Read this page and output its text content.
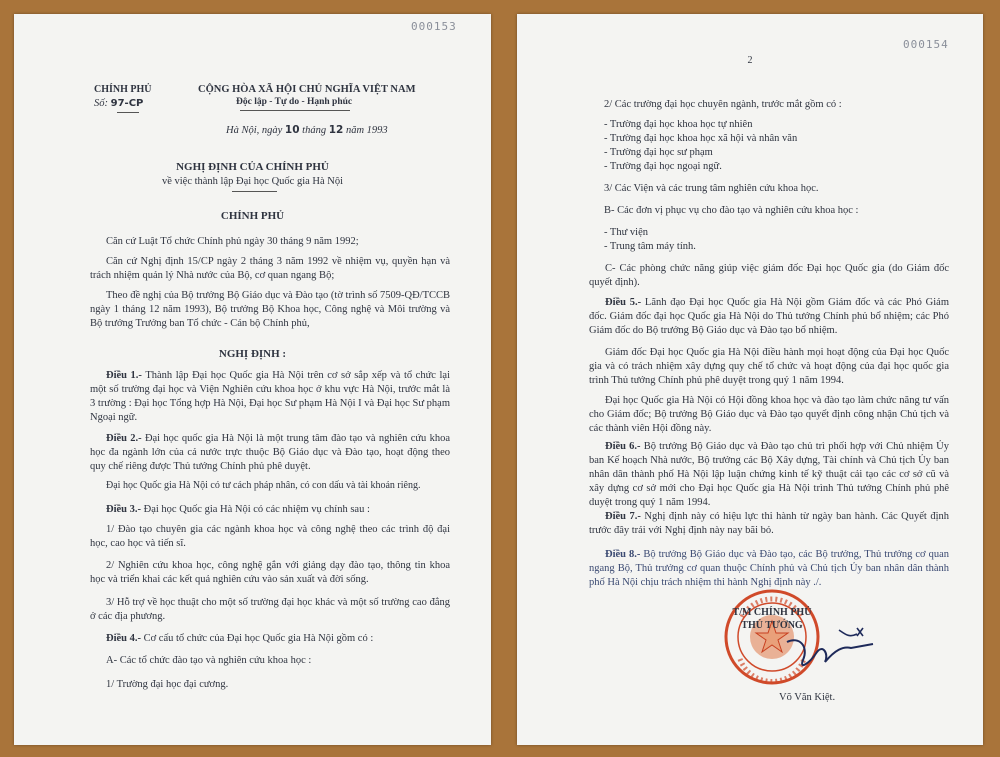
000153
CHÍNH PHỦ
Số: 97-CP
CỘNG HÒA XÃ HỘI CHỦ NGHĨA VIỆT NAM
Độc lập - Tự do - Hạnh phúc
Hà Nội, ngày 10 tháng 12 năm 1993
NGHỊ ĐỊNH CỦA CHÍNH PHỦ
về việc thành lập Đại học Quốc gia Hà Nội
CHÍNH PHỦ

Căn cứ Luật Tổ chức Chính phủ ngày 30 tháng 9 năm 1992;

Căn cứ Nghị định 15/CP ngày 2 tháng 3 năm 1992 về nhiệm vụ, quyền hạn và trách nhiệm quản lý Nhà nước của Bộ, cơ quan ngang Bộ;

Theo đề nghị của Bộ trưởng Bộ Giáo dục và Đào tạo (tờ trình số 7509-QĐ/TCCB ngày 1 tháng 12 năm 1993), Bộ trưởng Bộ Khoa học, Công nghệ và Môi trường và Bộ trưởng Trưởng ban Tổ chức - Cán bộ Chính phủ,

NGHỊ ĐỊNH :

Điều 1.- Thành lập Đại học Quốc gia Hà Nội trên cơ sở sắp xếp và tổ chức lại một số trường đại học và Viện Nghiên cứu khoa học ở khu vực Hà Nội, trước mắt là 3 trường : Đại học Tổng hợp Hà Nội, Đại học Sư phạm Hà Nội I và Đại học Sư phạm Ngoại ngữ.

Điều 2.- Đại học quốc gia Hà Nội là một trung tâm đào tạo và nghiên cứu khoa học đa ngành lớn của cả nước trực thuộc Bộ Giáo dục và Đào tạo, hoạt động theo quy chế riêng được Thủ tướng Chính phủ phê duyệt.

Đại học Quốc gia Hà Nội có tư cách pháp nhân, có con dấu và tài khoản riêng.

Điều 3.- Đại học Quốc gia Hà Nội có các nhiệm vụ chính sau :

1/ Đào tạo chuyên gia các ngành khoa học và công nghệ theo các trình độ đại học, cao học và tiến sĩ.

2/ Nghiên cứu khoa học, công nghệ gắn với giảng dạy đào tạo, thông tin khoa học và triển khai các kết quả nghiên cứu vào sản xuất và đời sống.

3/ Hỗ trợ về học thuật cho một số trường đại học khác và một số trường cao đẳng ở các địa phương.

Điều 4.- Cơ cấu tổ chức của Đại học Quốc gia Hà Nội gồm có :

A- Các tổ chức đào tạo và nghiên cứu khoa học :

1/ Trường đại học đại cương.

000154
2

2/ Các trường đại học chuyên ngành, trước mắt gồm có :

- Trường đại học khoa học tự nhiên

- Trường đại học khoa học xã hội và nhân văn

- Trường đại học sư phạm

- Trường đại học ngoại ngữ.

3/ Các Viện và các trung tâm nghiên cứu khoa học.

B- Các đơn vị phục vụ cho đào tạo và nghiên cứu khoa học :

- Thư viện

- Trung tâm máy tính.

C- Các phòng chức năng giúp việc giám đốc Đại học Quốc gia (do Giám đốc quyết định).

Điều 5.- Lãnh đạo Đại học Quốc gia Hà Nội gồm Giám đốc và các Phó Giám đốc. Giám đốc đại học Quốc gia Hà Nội do Thủ tướng Chính phủ bổ nhiệm; các Phó Giám đốc do Bộ trưởng Bộ Giáo dục và Đào tạo bổ nhiệm.

Giám đốc Đại học Quốc gia Hà Nội điều hành mọi hoạt động của Đại học Quốc gia và có trách nhiệm xây dựng quy chế tổ chức và hoạt động của đại học quốc gia trình Thủ tướng Chính phủ phê duyệt trong quý 1 năm 1994.

Đại học Quốc gia Hà Nội có Hội đồng khoa học và đào tạo làm chức năng tư vấn cho Giám đốc; Bộ trưởng Bộ Giáo dục và Đào tạo quyết định công nhận Chủ tịch và các thành viên Hội đồng này.

Điều 6.- Bộ trưởng Bộ Giáo dục và Đào tạo chủ trì phối hợp với Chủ nhiệm Ủy ban Kế hoạch Nhà nước, Bộ trưởng các Bộ Xây dựng, Tài chính và Chủ tịch Ủy ban nhân dân thành phố Hà Nội lập luận chứng kinh tế kỹ thuật cải tạo các cơ sở cũ và xây dựng cơ sở mới cho Đại học Quốc gia Hà Nội trình Thủ tướng Chính phủ phê duyệt trong quý 1 năm 1994.

Điều 7.- Nghị định này có hiệu lực thi hành từ ngày ban hành. Các Quyết định trước đây trái với Nghị định này nay bãi bỏ.

Điều 8.- Bộ trưởng Bộ Giáo dục và Đào tạo, các Bộ trưởng, Thủ trưởng cơ quan ngang Bộ, Thủ trưởng cơ quan thuộc Chính phủ và Chủ tịch Ủy ban nhân dân thành phố Hà Nội chịu trách nhiệm thi hành Nghị định này ./.

T/M CHÍNH PHỦ
THỦ TƯỚNG
Võ Văn Kiệt.
